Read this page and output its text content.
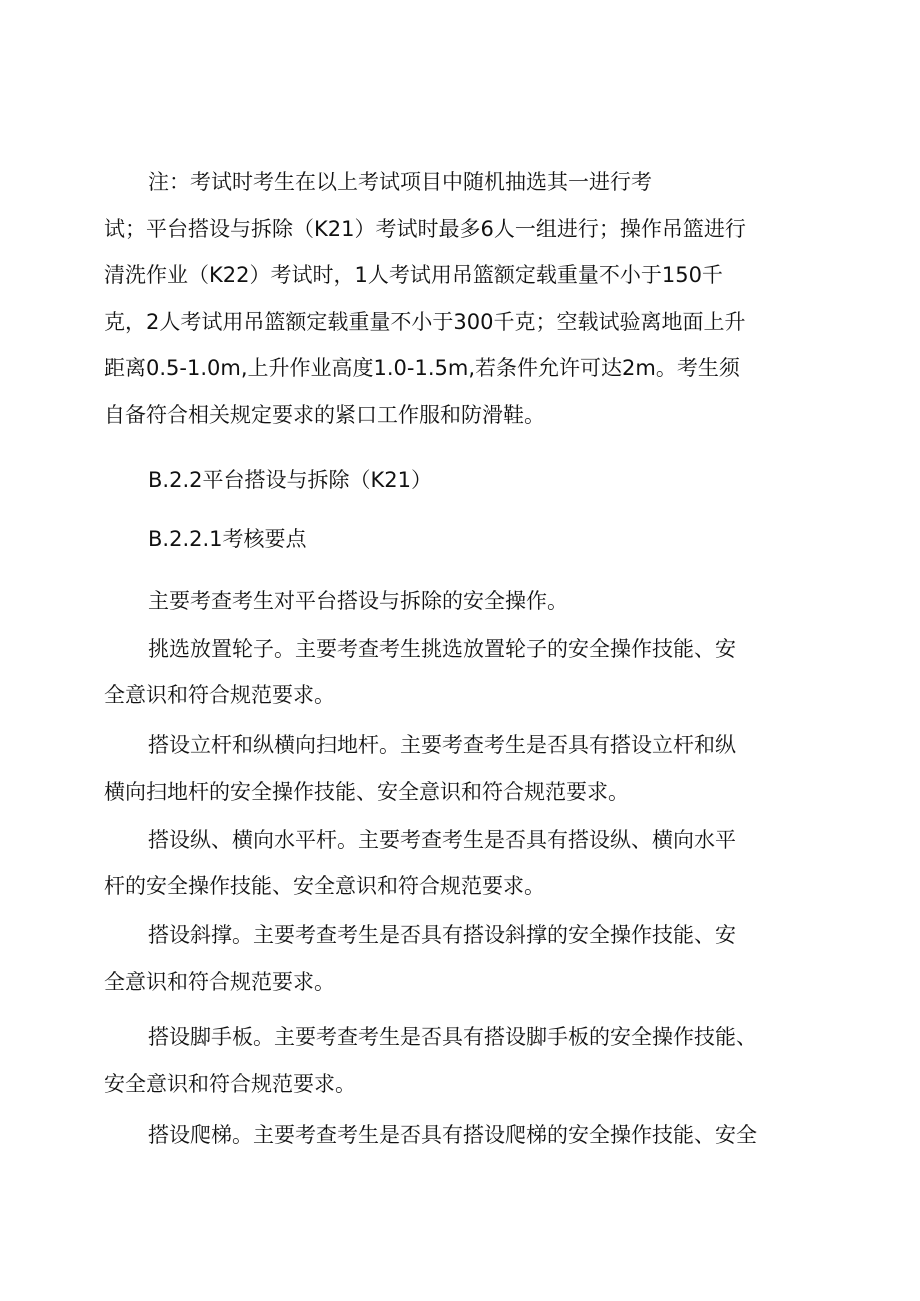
注：考试时考生在以上考试项目中随机抽选其一进行考
试；平台搭设与拆除（K21）考试时最多6人一组进行；操作吊篮进行
清洗作业（K22）考试时，1人考试用吊篮额定载重量不小于150千
克，2人考试用吊篮额定载重量不小于300千克；空载试验离地面上升
距离0.5-1.0m,上升作业高度1.0-1.5m,若条件允许可达2m。考生须
自备符合相关规定要求的紧口工作服和防滑鞋。
B.2.2平台搭设与拆除（K21）
B.2.2.1考核要点
主要考查考生对平台搭设与拆除的安全操作。
挑选放置轮子。主要考查考生挑选放置轮子的安全操作技能、安
全意识和符合规范要求。
搭设立杆和纵横向扫地杆。主要考查考生是否具有搭设立杆和纵
横向扫地杆的安全操作技能、安全意识和符合规范要求。
搭设纵、横向水平杆。主要考查考生是否具有搭设纵、横向水平
杆的安全操作技能、安全意识和符合规范要求。
搭设斜撑。主要考查考生是否具有搭设斜撑的安全操作技能、安
全意识和符合规范要求。
搭设脚手板。主要考查考生是否具有搭设脚手板的安全操作技能、
安全意识和符合规范要求。
搭设爬梯。主要考查考生是否具有搭设爬梯的安全操作技能、安全
